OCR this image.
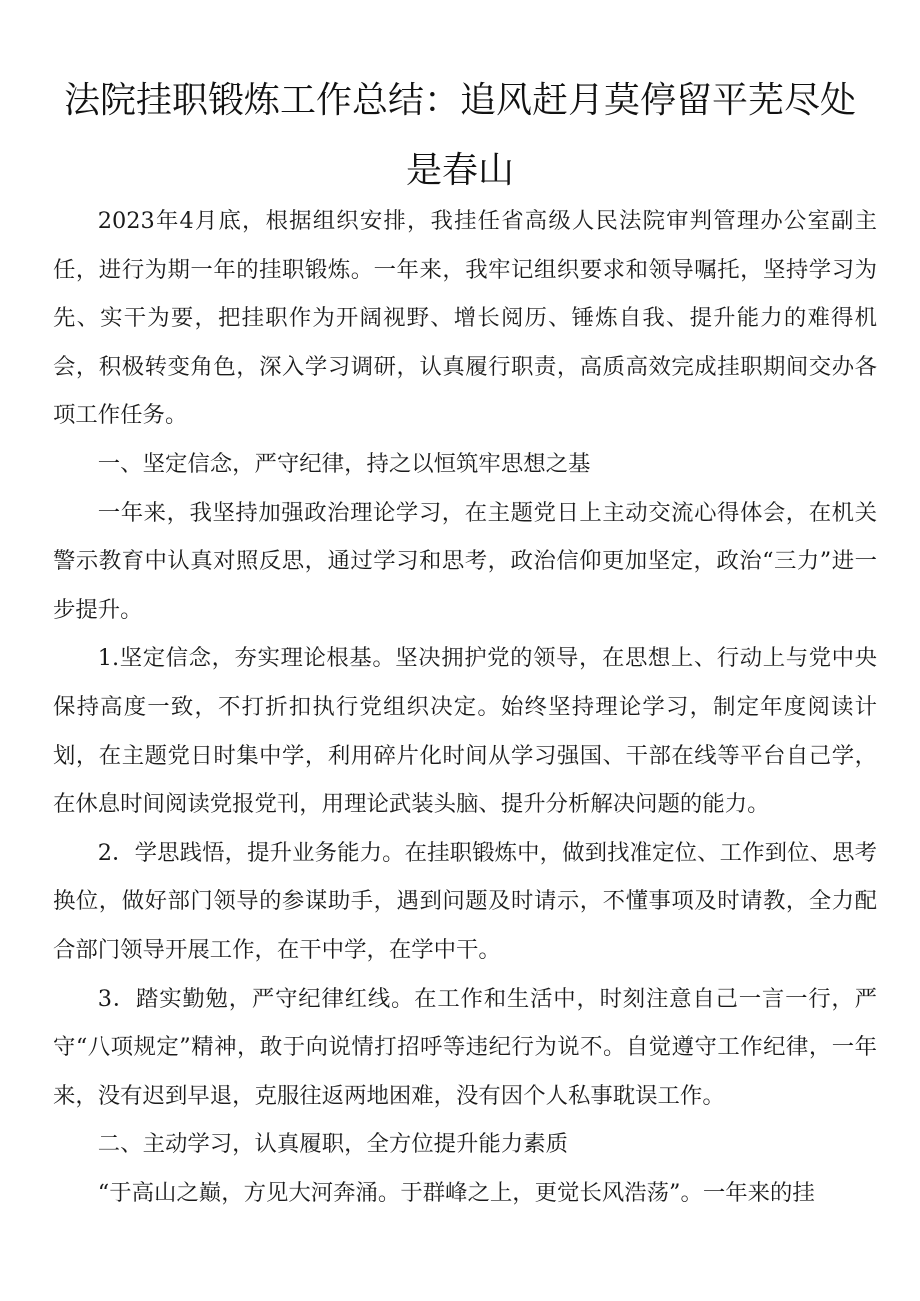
法院挂职锻炼工作总结：追风赶月莫停留平芜尽处是春山

2023年4月底，根据组织安排，我挂任省高级人民法院审判管理办公室副主任，进行为期一年的挂职锻炼。一年来，我牢记组织要求和领导嘱托，坚持学习为先、实干为要，把挂职作为开阔视野、增长阅历、锤炼自我、提升能力的难得机会，积极转变角色，深入学习调研，认真履行职责，高质高效完成挂职期间交办各项工作任务。

一、坚定信念，严守纪律，持之以恒筑牢思想之基

一年来，我坚持加强政治理论学习，在主题党日上主动交流心得体会，在机关警示教育中认真对照反思，通过学习和思考，政治信仰更加坚定，政治“三力”进一步提升。

1.坚定信念，夯实理论根基。坚决拥护党的领导，在思想上、行动上与党中央保持高度一致，不打折扣执行党组织决定。始终坚持理论学习，制定年度阅读计划，在主题党日时集中学，利用碎片化时间从学习强国、干部在线等平台自己学，在休息时间阅读党报党刊，用理论武装头脑、提升分析解决问题的能力。

2．学思践悟，提升业务能力。在挂职锻炼中，做到找准定位、工作到位、思考换位，做好部门领导的参谋助手，遇到问题及时请示，不懂事项及时请教，全力配合部门领导开展工作，在干中学，在学中干。

3．踏实勤勉，严守纪律红线。在工作和生活中，时刻注意自己一言一行，严守“八项规定”精神，敢于向说情打招呼等违纪行为说不。自觉遵守工作纪律，一年来，没有迟到早退，克服往返两地困难，没有因个人私事耽误工作。

二、主动学习，认真履职，全方位提升能力素质

“于高山之巅，方见大河奔涌。于群峰之上，更觉长风浩荡”。一年来的挂
